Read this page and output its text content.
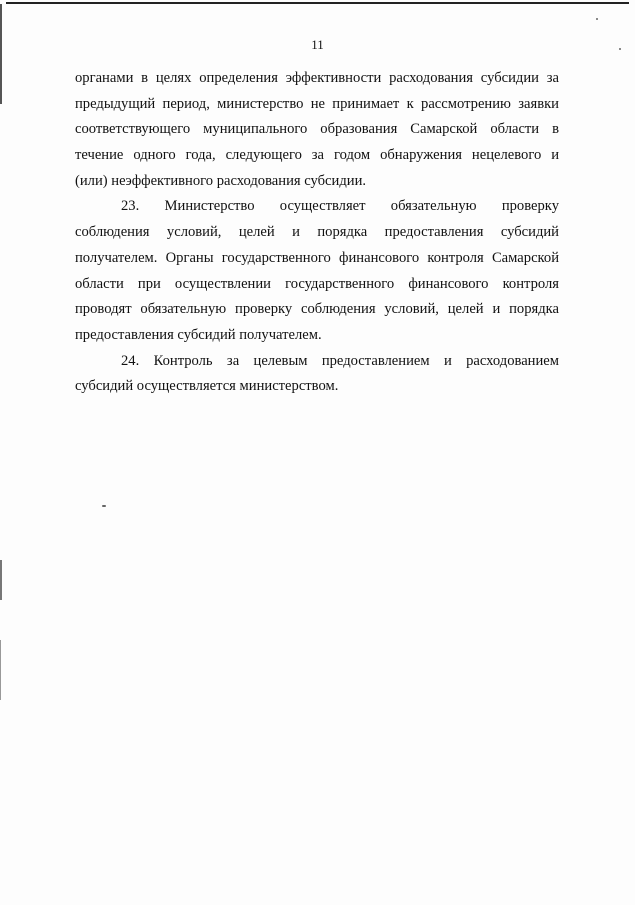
11
органами в целях определения эффективности расходования субсидии за
предыдущий период, министерство не принимает к рассмотрению заявки
соответствующего муниципального образования Самарской области в
течение одного года, следующего за годом обнаружения нецелевого и
(или) неэффективного расходования субсидии.
23. Министерство осуществляет обязательную проверку
соблюдения условий, целей и порядка предоставления субсидий
получателем. Органы государственного финансового контроля Самарской
области при осуществлении государственного финансового контроля
проводят обязательную проверку соблюдения условий, целей и порядка
предоставления субсидий получателем.
24. Контроль за целевым предоставлением и расходованием
субсидий осуществляется министерством.
